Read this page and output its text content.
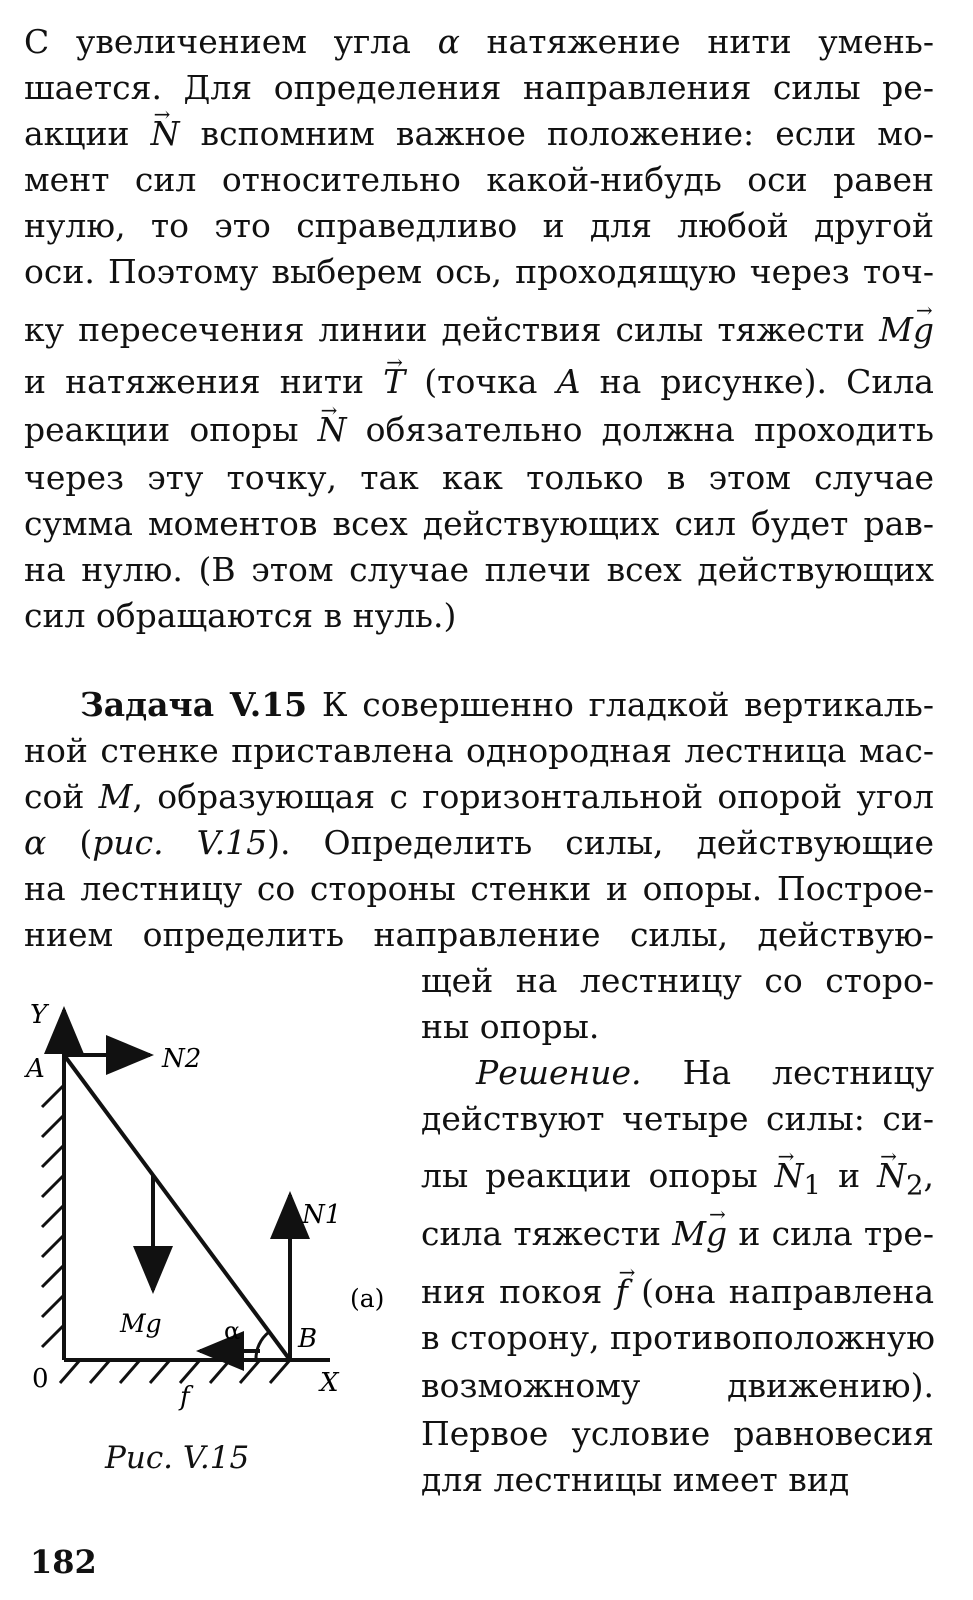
С увеличением угла α натяжение нити умень-
шается. Для определения направления силы ре-
акции → N вспомним важное положение: если мо-
мент сил относительно какой-нибудь оси равен
нулю, то это справедливо и для любой другой
оси. Поэтому выберем ось, проходящую через точ-
ку пересечения линии действия силы тяжести M→ g
и натяжения нити → T (точка A на рисунке). Сила
реакции опоры → N обязательно должна проходить
через эту точку, так как только в этом случае
сумма моментов всех действующих сил будет рав-
на нулю. (В этом случае плечи всех действующих
сил обращаются в нуль.)
Задача V.15 К совершенно гладкой вертикаль-
ной стенке приставлена однородная лестница мас-
сой M, образующая с горизонтальной опорой угол
α (рис. V.15). Определить силы, действующие
на лестницу со стороны стенки и опоры. Построе-
нием определить направление силы, действую-
щей на лестницу со сторо-
ны опоры.
Решение. На лестницу
действуют четыре силы: си-
лы реакции опоры → $N_1$ $и \to N_2$,
сила тяжести M→ g и сила тре-
ния покоя → f (она направлена
в сторону, противоположную
возможному движению).
Первое условие равновесия
для лестницы имеет вид
Y
A	N2
N1
(a)
Mg	α B
0	X
f
Рис. V.15
182
